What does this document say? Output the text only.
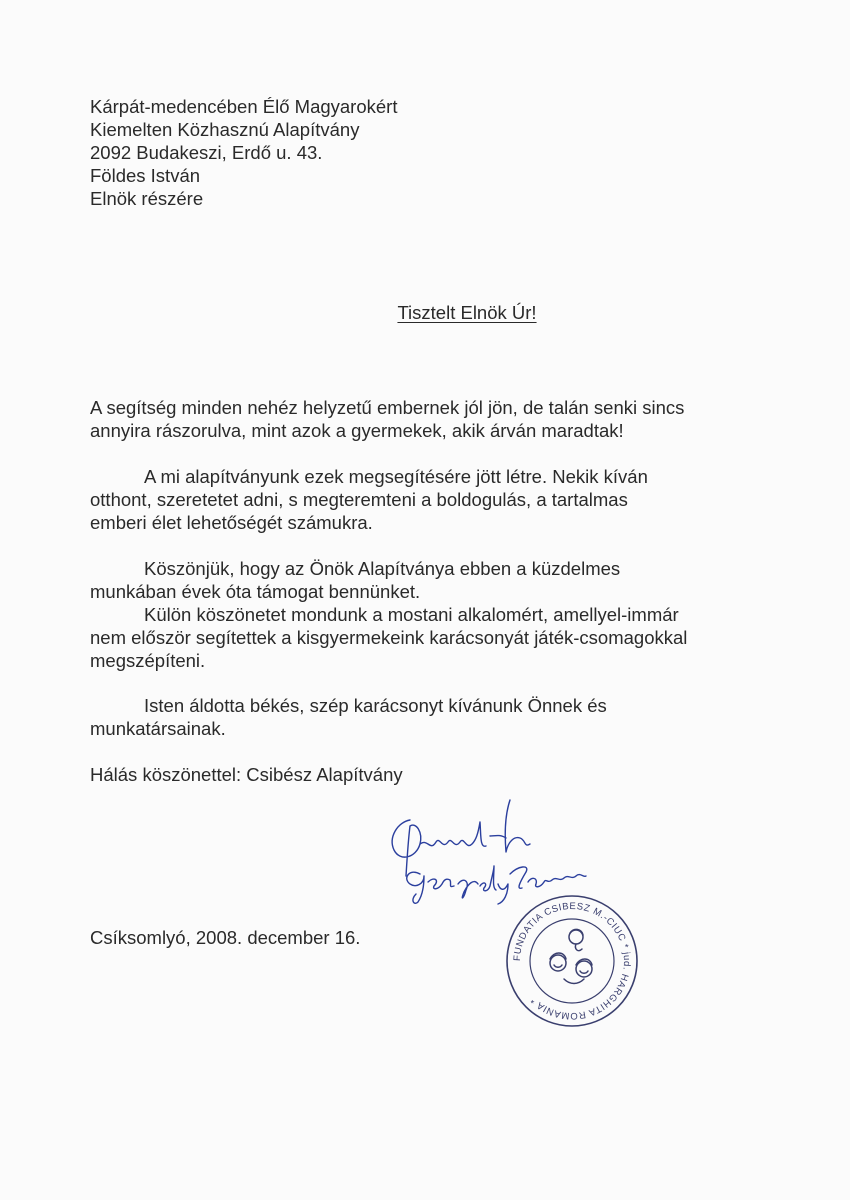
Kárpát-medencében Élő Magyarokért
Kiemelten Közhasznú Alapítvány
2092 Budakeszi, Erdő u. 43.
Földes István
Elnök részére
Tisztelt Elnök Úr!
A segítség minden nehéz helyzetű embernek jól jön, de talán senki sincs
annyira rászorulva, mint azok a gyermekek, akik árván maradtak!
A mi alapítványunk ezek megsegítésére jött létre. Nekik kíván
otthont, szeretetet adni, s megteremteni a boldogulás, a tartalmas
emberi élet lehetőségét számukra.
Köszönjük, hogy az Önök Alapítványa ebben a küzdelmes
munkában évek óta támogat bennünket.
Külön köszönetet mondunk a mostani alkalomért, amellyel-immár
nem először segítettek a kisgyermekeink karácsonyát játék-csomagokkal
megszépíteni.
Isten áldotta békés, szép karácsonyt kívánunk Önnek és
munkatársainak.
Hálás köszönettel: Csibész Alapítvány
Csíksomlyó, 2008. december 16.
FUNDATIA CSIBESZ M.-CIUC * jud. HARGHITA ROMANIA *
